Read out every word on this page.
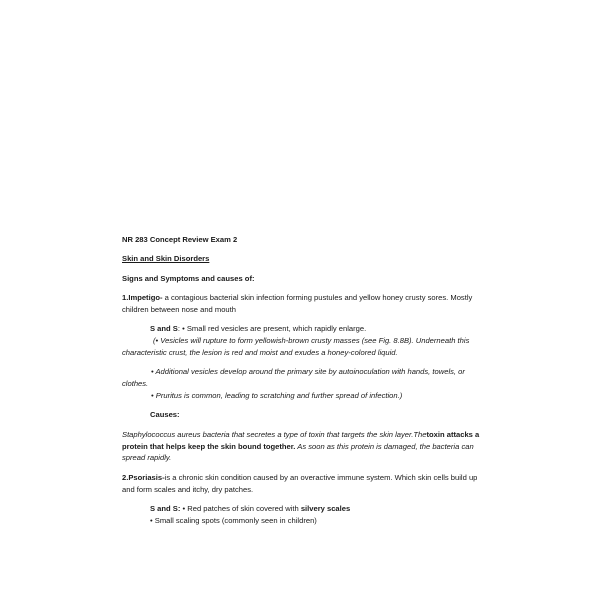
NR 283 Concept Review Exam 2

Skin and Skin Disorders

Signs and Symptoms and causes of:

1.Impetigo- a contagious bacterial skin infection forming pustules and yellow honey crusty sores. Mostly children between nose and mouth

S and S: • Small red vesicles are present, which rapidly enlarge.

(• Vesicles will rupture to form yellowish-brown crusty masses (see Fig. 8.8B). Underneath this characteristic crust, the lesion is red and moist and exudes a honey-colored liquid.

• Additional vesicles develop around the primary site by autoinoculation with hands, towels, or clothes.

• Pruritus is common, leading to scratching and further spread of infection.)

Causes:

Staphylococcus aureus bacteria that secretes a type of toxin that targets the skin layer.Thetoxin attacks a protein that helps keep the skin bound together. As soon as this protein is damaged, the bacteria can spread rapidly.

2.Psoriasis-is a chronic skin condition caused by an overactive immune system. Which skin cells build up and form scales and itchy, dry patches.

S and S: • Red patches of skin covered with silvery scales

• Small scaling spots (commonly seen in children)
